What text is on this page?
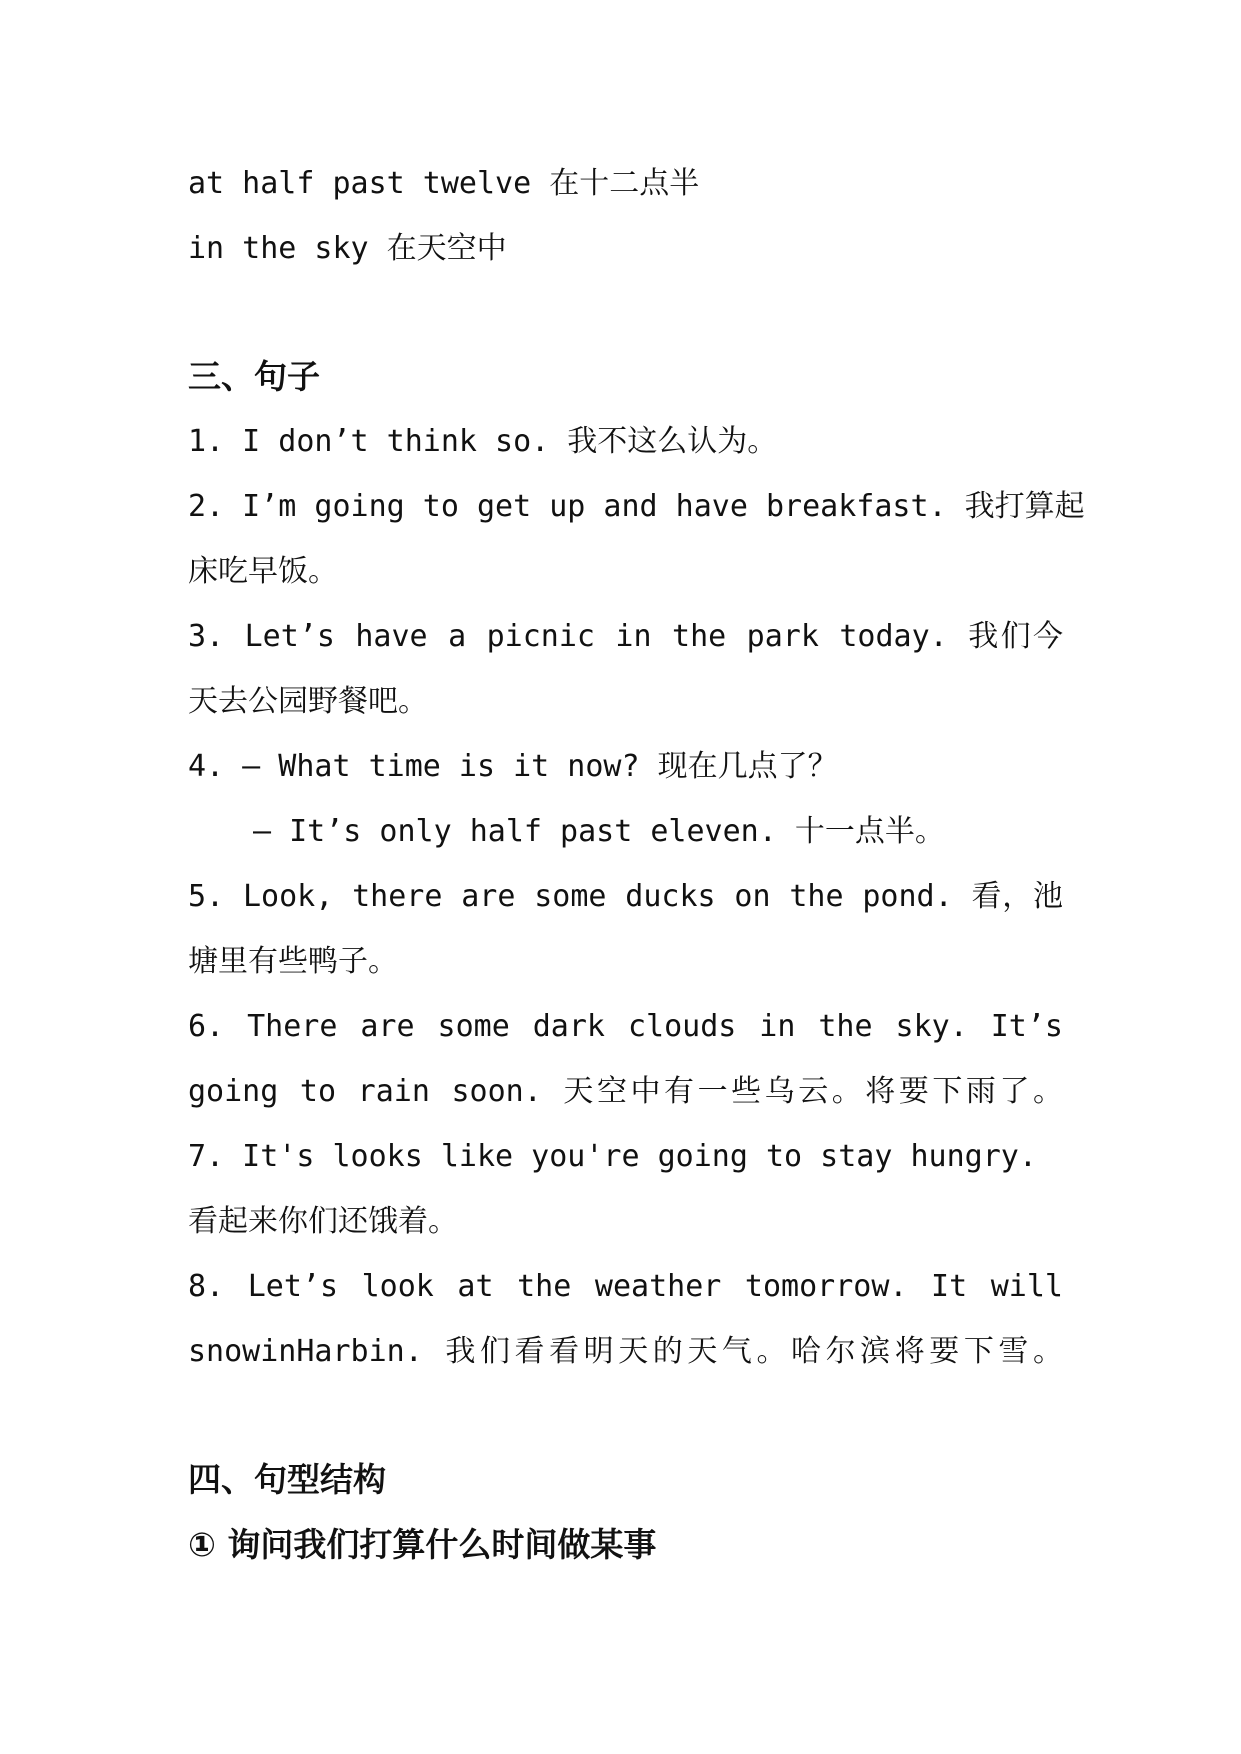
at half past twelve 在十二点半
in the sky 在天空中
三、句子
1. I don’t think so. 我不这么认为。
2. I’m going to get up and have breakfast. 我打算起
床吃早饭。
3. Let’s have a picnic in the park today. 我们今
天去公园野餐吧。
4. — What time is it now? 现在几点了？
— It’s only half past eleven. 十一点半。
5. Look, there are some ducks on the pond. 看，池
塘里有些鸭子。
6. There are some dark clouds in the sky. It’s
going to rain soon. 天空中有一些乌云。将要下雨了。
7. It's looks like you're going to stay hungry.
看起来你们还饿着。
8. Let’s look at the weather tomorrow. It will
snowinHarbin. 我们看看明天的天气。哈尔滨将要下雪。
四、句型结构
① 询问我们打算什么时间做某事
